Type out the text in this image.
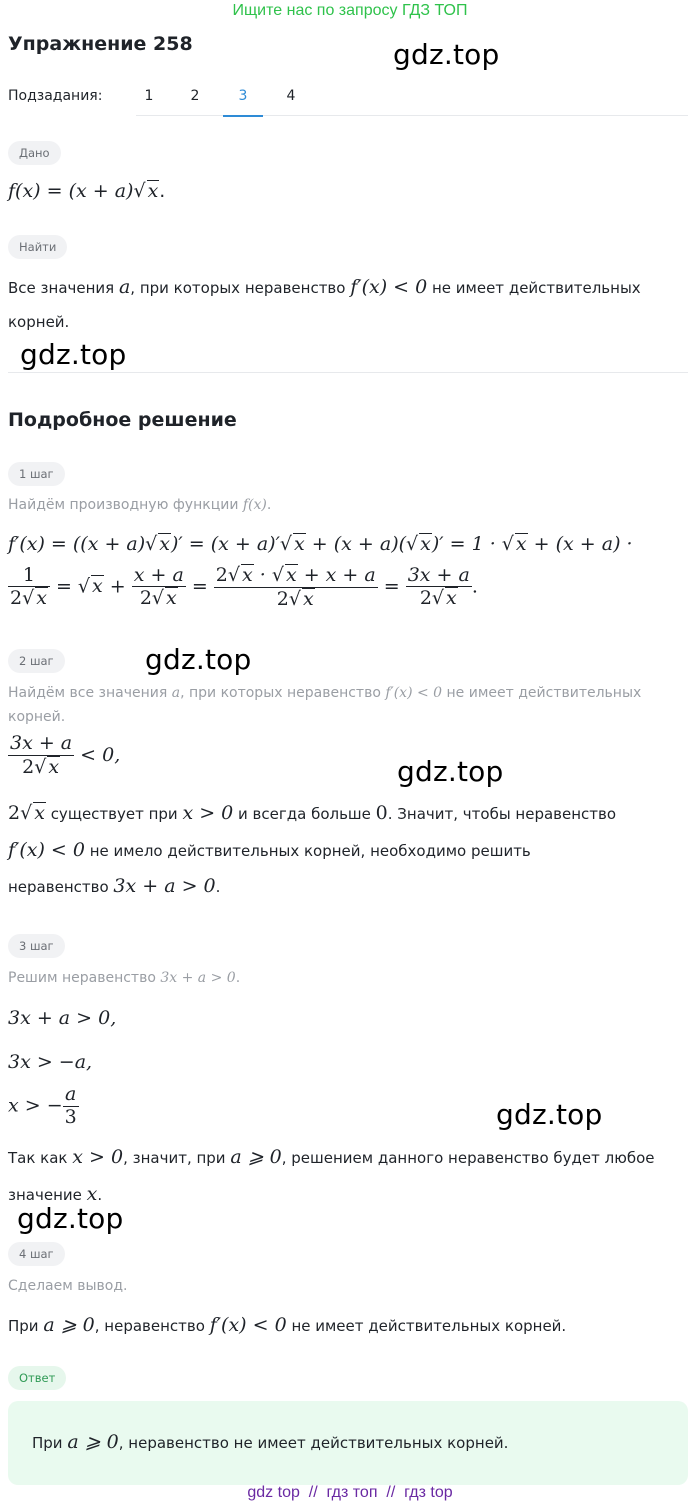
Ищите нас по запросу ГДЗ ТОП
gdz.top
gdz.top
gdz.top
gdz.top
gdz.top
gdz.top
Упражнение 258
Подзадания:	1	2	3	4
Дано
f(x) = (x + a)√ x.
Найти
Все значения a, при которых неравенство f′(x) < 0 не имеет действительных
корней.
Подробное решение
1 шаг
Найдём производную функции f(x).
f′(x) = ((x + a)√ x)′ = (x + a)′√ x + (x + a)(√ x)′ = 1 · √ x + (x + a) ·
$\frac{1}{2√ x}$ = √ $x + \frac{x + a}{2√ x} = \frac{2√ x \cdot √ x + x + a}{2√ x} = \frac{3x + a}{2√ x}$ .
2 шаг
Найдём все значения a, при которых неравенство f′(x) < 0 не имеет действительных
корней.
$\frac{3x + a}{2√ x} < 0$,
2√ x существует при x > 0 и всегда больше 0. Значит, чтобы неравенство
f′(x) < 0 не имело действительных корней, необходимо решить
неравенство 3x + a > 0.
3 шаг
Решим неравенство 3x + a > 0.
3x + a > 0,
3x > −a,
x > − $\frac{a}{3}$
Так как x > 0, значит, при a ⩾ 0, решением данного неравенство будет любое
значение x.
4 шаг
Сделаем вывод.
При a ⩾ 0, неравенство f′(x) < 0 не имеет действительных корней.
Ответ
При a ⩾ 0, неравенство не имеет действительных корней.
gdz top  //  гдз топ  //  гдз top
